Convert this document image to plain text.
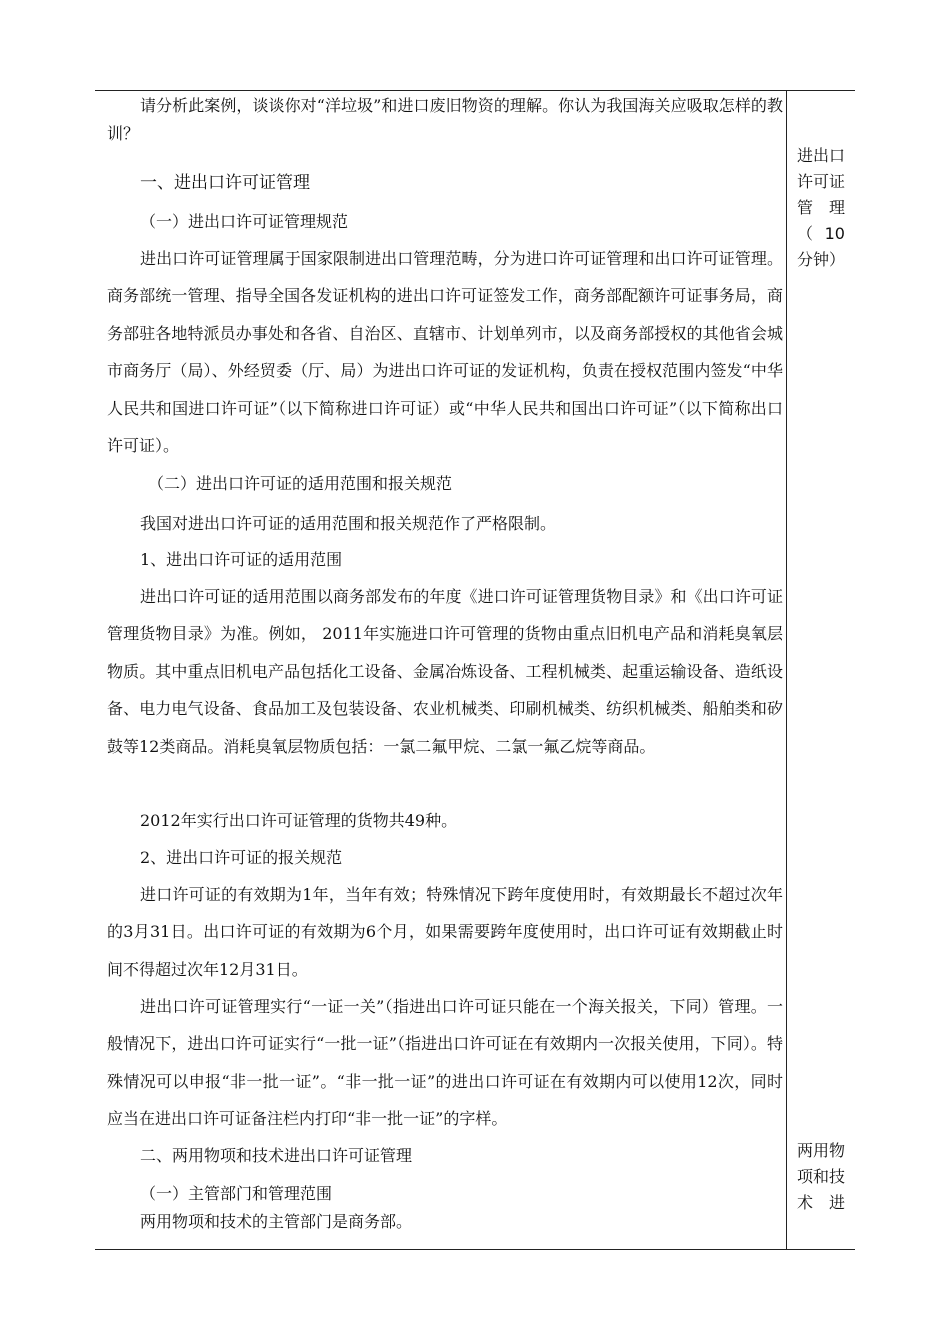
请分析此案例，谈谈你对“洋垃圾”和进口废旧物资的理解。你认为我国海关应吸取怎样的教训？

一、进出口许可证管理

（一）进出口许可证管理规范

进出口许可证管理属于国家限制进出口管理范畴，分为进口许可证管理和出口许可证管理。商务部统一管理、指导全国各发证机构的进出口许可证签发工作，商务部配额许可证事务局，商务部驻各地特派员办事处和各省、自治区、直辖市、计划单列市，以及商务部授权的其他省会城市商务厅（局）、外经贸委（厅、局）为进出口许可证的发证机构，负责在授权范围内签发“中华人民共和国进口许可证”（以下简称进口许可证）或“中华人民共和国出口许可证”（以下简称出口许可证）。

（二）进出口许可证的适用范围和报关规范

我国对进出口许可证的适用范围和报关规范作了严格限制。

1、进出口许可证的适用范围

进出口许可证的适用范围以商务部发布的年度《进口许可证管理货物目录》和《出口许可证管理货物目录》为准。例如， 2011年实施进口许可管理的货物由重点旧机电产品和消耗臭氧层物质。其中重点旧机电产品包括化工设备、金属冶炼设备、工程机械类、起重运输设备、造纸设备、电力电气设备、食品加工及包装设备、农业机械类、印刷机械类、纺织机械类、船舶类和矽鼓等12类商品。消耗臭氧层物质包括：一氯二氟甲烷、二氯一氟乙烷等商品。

2012年实行出口许可证管理的货物共49种。

2、进出口许可证的报关规范

进口许可证的有效期为1年，当年有效；特殊情况下跨年度使用时，有效期最长不超过次年的3月31日。出口许可证的有效期为6个月，如果需要跨年度使用时，出口许可证有效期截止时间不得超过次年12月31日。

进出口许可证管理实行“一证一关”（指进出口许可证只能在一个海关报关，下同）管理。一般情况下，进出口许可证实行“一批一证”（指进出口许可证在有效期内一次报关使用，下同）。特殊情况可以申报“非一批一证”。“非一批一证”的进出口许可证在有效期内可以使用12次，同时应当在进出口许可证备注栏内打印“非一批一证”的字样。

二、两用物项和技术进出口许可证管理

（一）主管部门和管理范围

两用物项和技术的主管部门是商务部。

进出口许可证管理（10分钟）

两用物项和技术进
